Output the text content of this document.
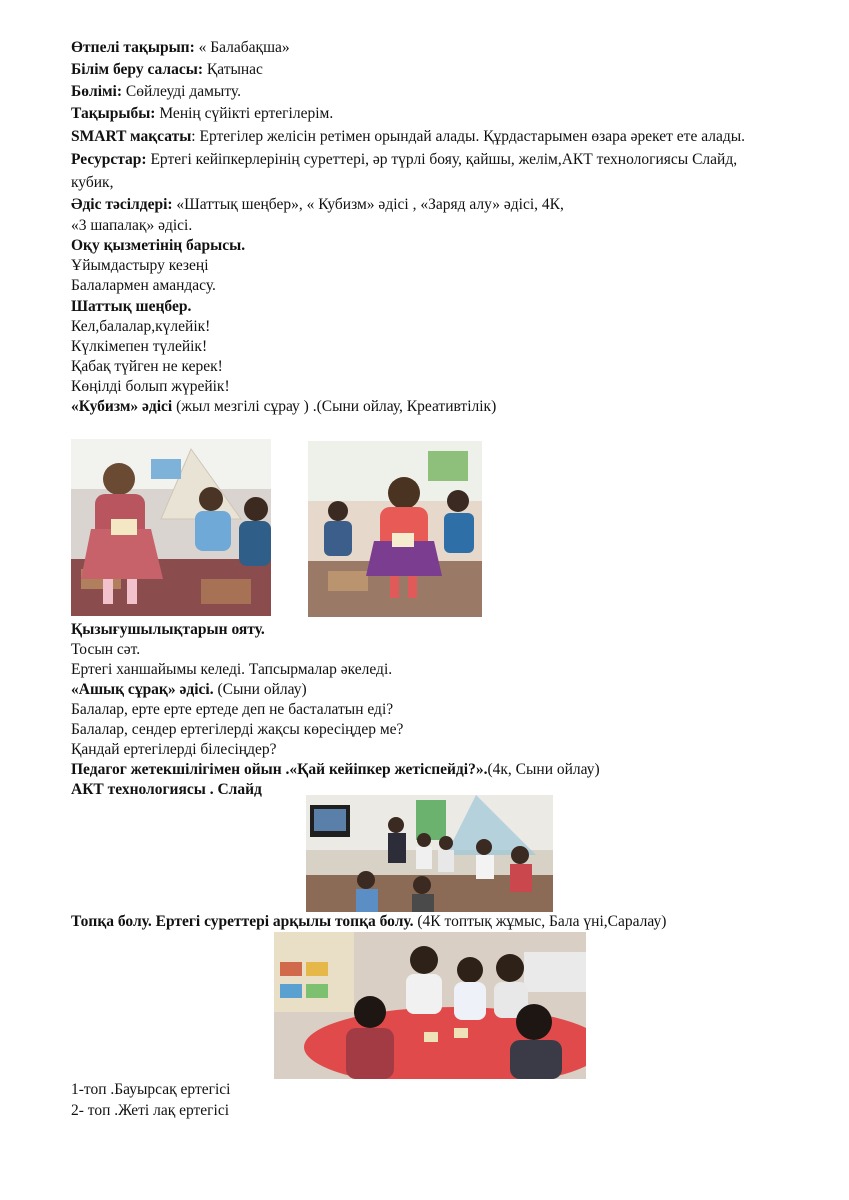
Өтпелі тақырып: « Балабақша»
Білім беру саласы: Қатынас
Бөлімі: Сөйлеуді дамыту.
Тақырыбы: Менің сүйікті ертегілерім.
SMART мақсаты: Ертегілер желісін ретімен орындай алады. Құрдастарымен өзара әрекет ете алады.
Ресурстар: Ертегі кейіпкерлерінің суреттері, әр түрлі бояу, қайшы, желім,АКТ технологиясы Слайд, кубик,
Әдіс тәсілдері: «Шаттық шеңбер», « Кубизм» әдісі , «Заряд алу» әдісі, 4К,
«3 шапалақ» әдісі.
Оқу қызметінің барысы.
Ұйымдастыру кезеңі
Балалармен амандасу.
Шаттық шеңбер.
Кел,балалар,күлейік!
Күлкімепен түлейік!
Қабақ түйген не керек!
Көңілді болып жүрейік!
«Кубизм» әдісі (жыл мезгілі сұрау ) .(Сыни ойлау, Креативтілік)
Қызығушылықтарын ояту.
Тосын сәт.
Ертегі ханшайымы келеді. Тапсырмалар әкеледі.
«Ашық сұрақ» әдісі. (Сыни ойлау)
Балалар, ерте ерте ертеде деп не басталатын еді?
Балалар, сендер ертегілерді жақсы көресіңдер ме?
Қандай ертегілерді білесіңдер?
Педагог жетекшілігімен ойын .«Қай кейіпкер жетіспейді?».(4к, Сыни ойлау)
АКТ технологиясы . Слайд
Топқа болу. Ертегі суреттері арқылы топқа болу. (4К топтық жұмыс, Бала үні,Саралау)
1-топ .Бауырсақ ертегісі
2- топ .Жеті лақ ертегісі
